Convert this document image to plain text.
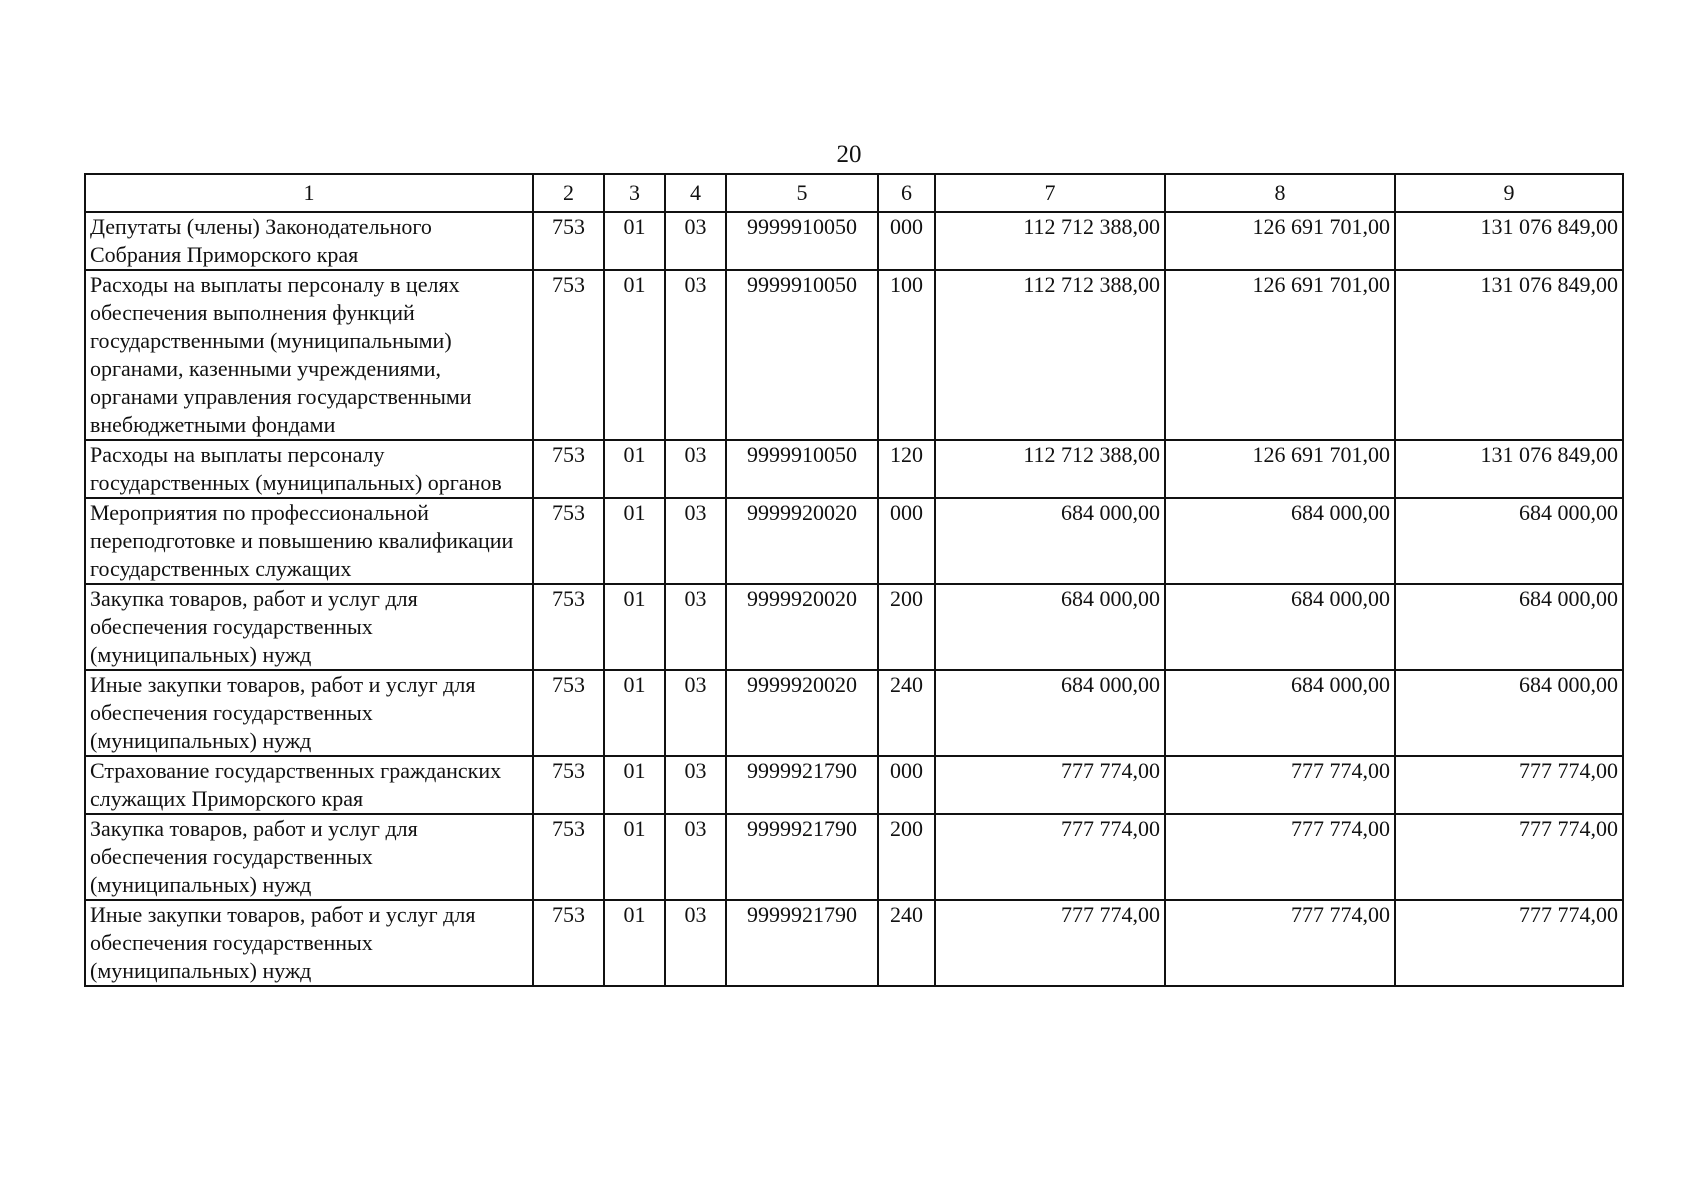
20
1	2	3	4	5	6	7	8	9
Депутаты (члены) Законодательного Собрания Приморского края	753	01	03	9999910050	000	112 712 388,00	126 691 701,00	131 076 849,00
Расходы на выплаты персоналу в целях обеспечения выполнения функций государственными (муниципальными) органами, казенными учреждениями, органами управления государственными внебюджетными фондами	753	01	03	9999910050	100	112 712 388,00	126 691 701,00	131 076 849,00
Расходы на выплаты персоналу государственных (муниципальных) органов	753	01	03	9999910050	120	112 712 388,00	126 691 701,00	131 076 849,00
Мероприятия по профессиональной переподготовке и повышению квалификации государственных служащих	753	01	03	9999920020	000	684 000,00	684 000,00	684 000,00
Закупка товаров, работ и услуг для обеспечения государственных (муниципальных) нужд	753	01	03	9999920020	200	684 000,00	684 000,00	684 000,00
Иные закупки товаров, работ и услуг для обеспечения государственных (муниципальных) нужд	753	01	03	9999920020	240	684 000,00	684 000,00	684 000,00
Страхование государственных гражданских служащих Приморского края	753	01	03	9999921790	000	777 774,00	777 774,00	777 774,00
Закупка товаров, работ и услуг для обеспечения государственных (муниципальных) нужд	753	01	03	9999921790	200	777 774,00	777 774,00	777 774,00
Иные закупки товаров, работ и услуг для обеспечения государственных (муниципальных) нужд	753	01	03	9999921790	240	777 774,00	777 774,00	777 774,00
